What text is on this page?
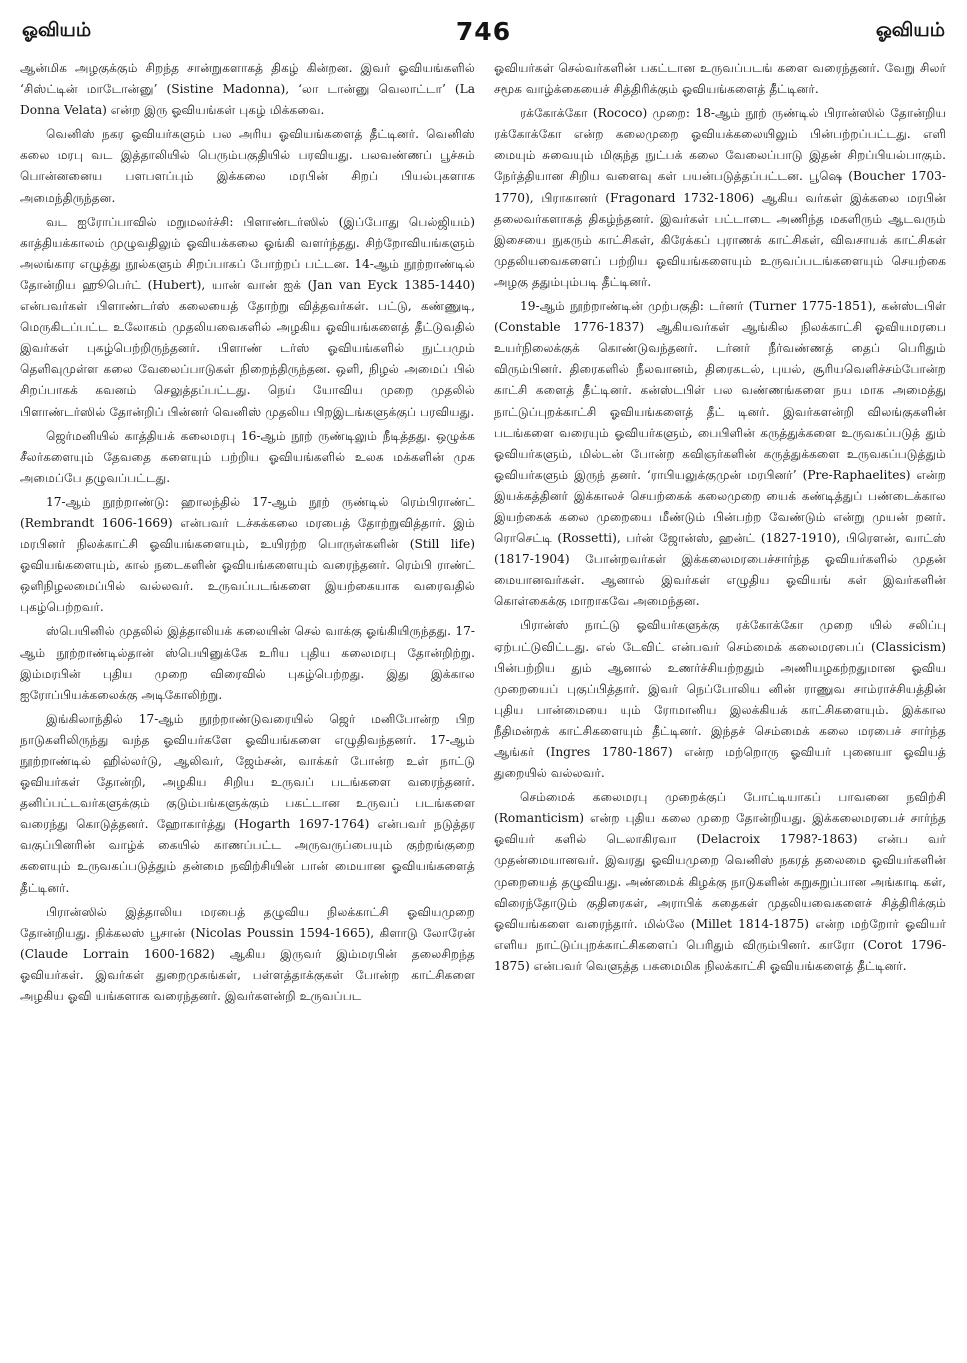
ஓவியம்	746	ஓவியம்

ஆன்மிக அழகுக்கும் சிறந்த சான்றுகளாகத் திகழ் கின்றன. இவர் ஓவியங்களில் ‘சிஸ்ட்டின் மாடோன்னு’ (Sistine Madonna), ‘லா டான்னு வெலாட்டா’ (La Donna Velata) என்ற இரு ஓவியங்கள் புகழ் மிக்கவை.

வெனிஸ் நகர ஓவியர்களும் பல அரிய ஓவியங்களைத் தீட்டினர். வெனிஸ் கலை மரபு வட இத்தாலியில் பெரும்பகுதியில் பரவியது. பலவண்ணப் பூச்சும் பொன்னனைய பளபளப்பும் இக்கலை மரபின் சிறப் பியல்புகளாக அமைந்திருந்தன.

வட ஐரோப்பாவில் மறுமலர்ச்சி: பிளாண்டர்ஸில் (இப்போது பெல்ஜியம்) காத்தியக்காலம் முழுவதிலும் ஓவியக்கலை ஓங்கி வளர்ந்தது. சிற்றோவியங்களும் அலங்கார எழுத்து நூல்களும் சிறப்பாகப் போற்றப் பட்டன. 14-ஆம் நூற்றாண்டில் தோன்றிய ஹூபெர்ட் (Hubert), யான் வான் ஐக் (Jan van Eyck 1385-1440) என்பவர்கள் பிளாண்டர்ஸ் கலையைத் தோற்று வித்தவர்கள். பட்டு, கண்ணுடி, மெருகிடப்பட்ட உலோகம் முதலியவைகளில் அழகிய ஓவியங்களைத் தீட்டுவதில் இவர்கள் புகழ்பெற்றிருந்தனர். பிளாண் டர்ஸ் ஓவியங்களில் நுட்பமும் தெளிவுமுள்ள கலை வேலைப்பாடுகள் நிறைந்திருந்தன. ஒளி, நிழல் அமைப் பில் சிறப்பாகக் கவனம் செலுத்தப்பட்டது. நெய் யோவிய முறை முதலில் பிளாண்டர்ஸில் தோன்றிப் பின்னர் வெனிஸ் முதலிய பிறஇடங்களுக்குப் பரவியது.

ஜெர்மனியில் காத்தியக் கலைமரபு 16-ஆம் நூற் ருண்டிலும் நீடித்தது. ஒழுக்க சீலர்களையும் தேவதை களையும் பற்றிய ஓவியங்களில் உலக மக்களின் முக அமைப்பே தழுவப்பட்டது.

17-ஆம் நூற்றாண்டு: ஹாலந்தில் 17-ஆம் நூற் ருண்டில் ரெம்பிராண்ட் (Rembrandt 1606-1669) என்பவர் டச்சுக்கலை மரபைத் தோற்றுவித்தார். இம் மரபினர் நிலக்காட்சி ஓவியங்களையும், உயிரற்ற பொருள்களின் (Still life) ஓவியங்களையும், கால் நடைகளின் ஓவியங்களையும் வரைந்தனர். ரெம்பி ராண்ட் ஒளிநிழலமைப்பில் வல்லவர். உருவப்படங்களை இயற்கையாக வரைவதில் புகழ்பெற்றவர்.

ஸ்பெயினில் முதலில் இத்தாலியக் கலையின் செல் வாக்கு ஓங்கியிருந்தது. 17-ஆம் நூற்றாண்டில்தான் ஸ்பெயினுக்கே உரிய புதிய கலைமரபு தோன்றிற்று. இம்மரபின் புதிய முறை விரைவில் புகழ்பெற்றது. இது இக்கால ஐரோப்பியக்கலைக்கு அடிகோலிற்று.

இங்கிலாந்தில் 17-ஆம் நூற்றாண்டுவரையில் ஜெர் மனிபோன்ற பிற நாடுகளிலிருந்து வந்த ஓவியர்களே ஓவியங்களை எழுதிவந்தனர். 17-ஆம் நூற்றாண்டில் ஹில்லர்டு, ஆலிவர், ஜேம்சன், வாக்கர் போன்ற உள் நாட்டு ஓவியர்கள் தோன்றி, அழகிய சிறிய உருவப் படங்களை வரைந்தனர். தனிப்பட்டவர்களுக்கும் குடும்பங்களுக்கும் பகட்டான உருவப் படங்களை வரைந்து கொடுத்தனர். ஹோகார்த்து (Hogarth 1697-1764) என்பவர் நடுத்தர வகுப்பினரின் வாழ்க் கையில் காணப்பட்ட அருவருப்பையும் குற்றங்குறை களையும் உருவகப்படுத்தும் தன்மை நவிற்சியின் பான் மையான ஓவியங்களைத் தீட்டினர்.

பிரான்ஸில் இத்தாலிய மரபைத் தழுவிய நிலக்காட்சி ஓவியமுறை தோன்றியது. நிக்கலஸ் பூசான் (Nicolas Poussin 1594-1665), கிளாடு லோரேன் (Claude Lorrain 1600-1682) ஆகிய இருவர் இம்மரபின் தலைசிறந்த ஓவியர்கள். இவர்கள் துறைமுகங்கள், பள்ளத்தாக்குகள் போன்ற காட்சிகளை அழகிய ஓவி யங்களாக வரைந்தனர். இவர்களன்றி உருவப்பட

ஓவியர்கள் செல்வர்களின் பகட்டான உருவப்படங் களை வரைந்தனர். வேறு சிலர் சமூக வாழ்க்கையைச் சித்திரிக்கும் ஓவியங்களைத் தீட்டினர்.

ரக்கோக்கோ (Rococo) முறை: 18-ஆம் நூற் ருண்டில் பிரான்ஸில் தோன்றிய ரக்கோக்கோ என்ற கலைமுறை ஓவியக்கலையிலும் பின்பற்றப்பட்டது. எளி மையும் சுவையும் மிகுந்த நுட்பக் கலை வேலைப்பாடு இதன் சிறப்பியல்பாகும். நேர்த்தியான சிறிய வளைவு கள் பயன்படுத்தப்பட்டன. பூஷெ (Boucher 1703-1770), பிராகானர் (Fragonard 1732-1806) ஆகிய வர்கள் இக்கலை மரபின் தலைவர்களாகத் திகழ்ந்தனர். இவர்கள் பட்டாடை அணிந்த மகளிரும் ஆடவரும் இசையை நுகரும் காட்சிகள், கிரேக்கப் புராணக் காட்சிகள், விவசாயக் காட்சிகள் முதலியவைகளைப் பற்றிய ஓவியங்களையும் உருவப்படங்களையும் செயற்கை அழகு ததும்பும்படி தீட்டினர்.

19-ஆம் நூற்றாண்டின் முற்பகுதி: டர்னர் (Turner 1775-1851), கன்ஸ்டபிள் (Constable 1776-1837) ஆகியவர்கள் ஆங்கில நிலக்காட்சி ஓவியமரபை உயர்நிலைக்குக் கொண்டுவந்தனர். டர்னர் நீர்வண்ணத் தைப் பெரிதும் விரும்பினர். திரைகளில் நீலவானம், திரைகடல், புயல், சூரியவெளிச்சம்போன்ற காட்சி களைத் தீட்டினர். கன்ஸ்டபிள் பல வண்ணங்களை நய மாக அமைத்து நாட்டுப்புறக்காட்சி ஓவியங்களைத் தீட் டினர். இவர்களன்றி விலங்குகளின் படங்களை வரையும் ஓவியர்களும், பைபிளின் கருத்துக்களை உருவகப்படுத் தும் ஓவியர்களும், மில்டன் போன்ற கவிஞர்களின் கருத்துக்களை உருவகப்படுத்தும் ஓவியர்களும் இருந் தனர். ‘ராபியலுக்குமுன் மரபினர்’ (Pre-Raphaelites) என்ற இயக்கத்தினர் இக்காலச் செயற்கைக் கலைமுறை யைக் கண்டித்துப் பண்டைக்கால இயற்கைக் கலை முறையை மீண்டும் பின்பற்ற வேண்டும் என்று முயன் றனர். ரொசெட்டி (Rossetti), பர்ன் ஜோன்ஸ், ஹன்ட் (1827-1910), பிரௌன், வாட்ஸ் (1817-1904) போன்றவர்கள் இக்கலைமரபைச்சார்ந்த ஓவியர்களில் முதன் மையானவர்கள். ஆனால் இவர்கள் எழுதிய ஓவியங் கள் இவர்களின் கொள்கைக்கு மாறாகவே அமைந்தன.

பிரான்ஸ் நாட்டு ஓவியர்களுக்கு ரக்கோக்கோ முறை யில் சலிப்பு ஏற்பட்டுவிட்டது. எல் டேவிட் என்பவர் செம்மைக் கலைமரபைப் (Classicism) பின்பற்றிய தும் ஆனால் உணர்ச்சியற்றதும் அணியழகற்றதுமான ஓவிய முறையைப் புகுப்பித்தார். இவர் நெப்போலிய னின் ராணுவ சாம்ராச்சியத்தின் புதிய பான்மையை யும் ரோமானிய இலக்கியக் காட்சிகளையும். இக்கால நீதிமன்றக் காட்சிகளையும் தீட்டினர். இந்தச் செம்மைக் கலை மரபைச் சார்ந்த ஆங்கர் (Ingres 1780-1867) என்ற மற்றொரு ஓவியர் புனையா ஓவியத் துறையில் வல்லவர்.

செம்மைக் கலைமரபு முறைக்குப் போட்டியாகப் பாவனை நவிற்சி (Romanticism) என்ற புதிய கலை முறை தோன்றியது. இக்கலைமரபைச் சார்ந்த ஓவியர் களில் டெலாகிரவா (Delacroix 1798?-1863) என்ப வர் முதன்மையானவர். இவரது ஓவியமுறை வெனிஸ் நகரத் தலைமை ஓவியர்களின் முறையைத் தழுவியது. அண்மைக் கிழக்கு நாடுகளின் சுறுசுறுப்பான அங்காடி கள், விரைந்தோடும் குதிரைகள், அராபிக் கதைகள் முதலியவைகளைச் சித்திரிக்கும் ஓவியங்களை வரைந்தார். மில்லே (Millet 1814-1875) என்ற மற்றோர் ஓவியர் எளிய நாட்டுப்புறக்காட்சிகளைப் பெரிதும் விரும்பினர். காரோ (Corot 1796-1875) என்பவர் வெளுத்த பசுமைமிக நிலக்காட்சி ஓவியங்களைத் தீட்டினர்.
